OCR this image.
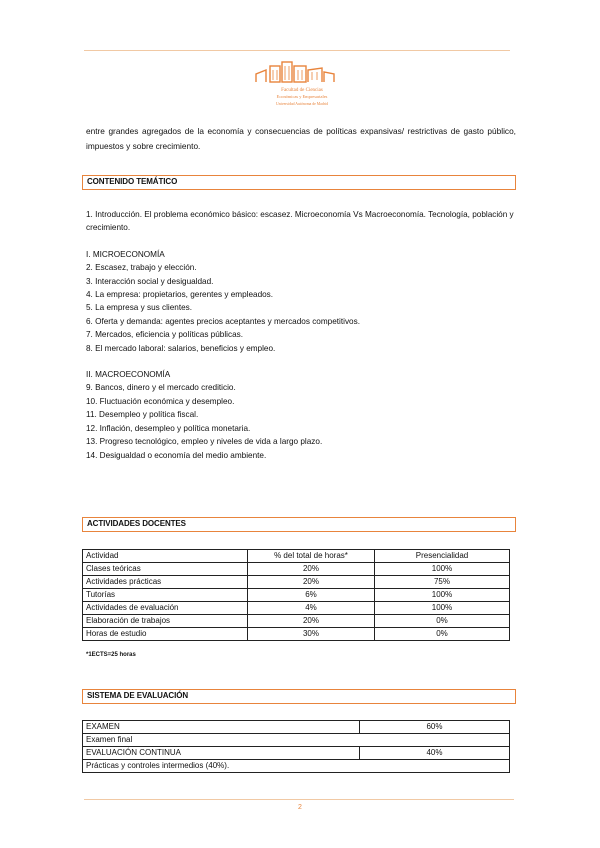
Facultad de Ciencias
Económicas y Empresariales
Universidad Autónoma de Madrid
entre grandes agregados de la economía y consecuencias de políticas expansivas/ restrictivas de gasto público, impuestos y sobre crecimiento.
CONTENIDO TEMÁTICO

1. Introducción. El problema económico básico: escasez. Microeconomía Vs Macroeconomía. Tecnología, población y crecimiento.

I. MICROECONOMÍA

2. Escasez, trabajo y elección.

3. Interacción social y desigualdad.

4. La empresa: propietarios, gerentes y empleados.

5. La empresa y sus clientes.

6. Oferta y demanda: agentes precios aceptantes y mercados competitivos.

7. Mercados, eficiencia y políticas públicas.

8. El mercado laboral: salarios, beneficios y empleo.

II. MACROECONOMÍA

9. Bancos, dinero y el mercado crediticio.

10. Fluctuación económica y desempleo.

11. Desempleo y política fiscal.

12. Inflación, desempleo y política monetaria.

13. Progreso tecnológico, empleo y niveles de vida a largo plazo.

14. Desigualdad o economía del medio ambiente.

ACTIVIDADES DOCENTES
Actividad	% del total de horas*	Presencialidad
Clases teóricas	20%	100%
Actividades prácticas	20%	75%
Tutorías	6%	100%
Actividades de evaluación	4%	100%
Elaboración de trabajos	20%	0%
Horas de estudio	30%	0%
*1ECTS=25 horas
SISTEMA DE EVALUACIÓN
EXAMEN	60%
Examen final	
EVALUACIÓN CONTINUA	40%
Prácticas y controles intermedios (40%).	
2
